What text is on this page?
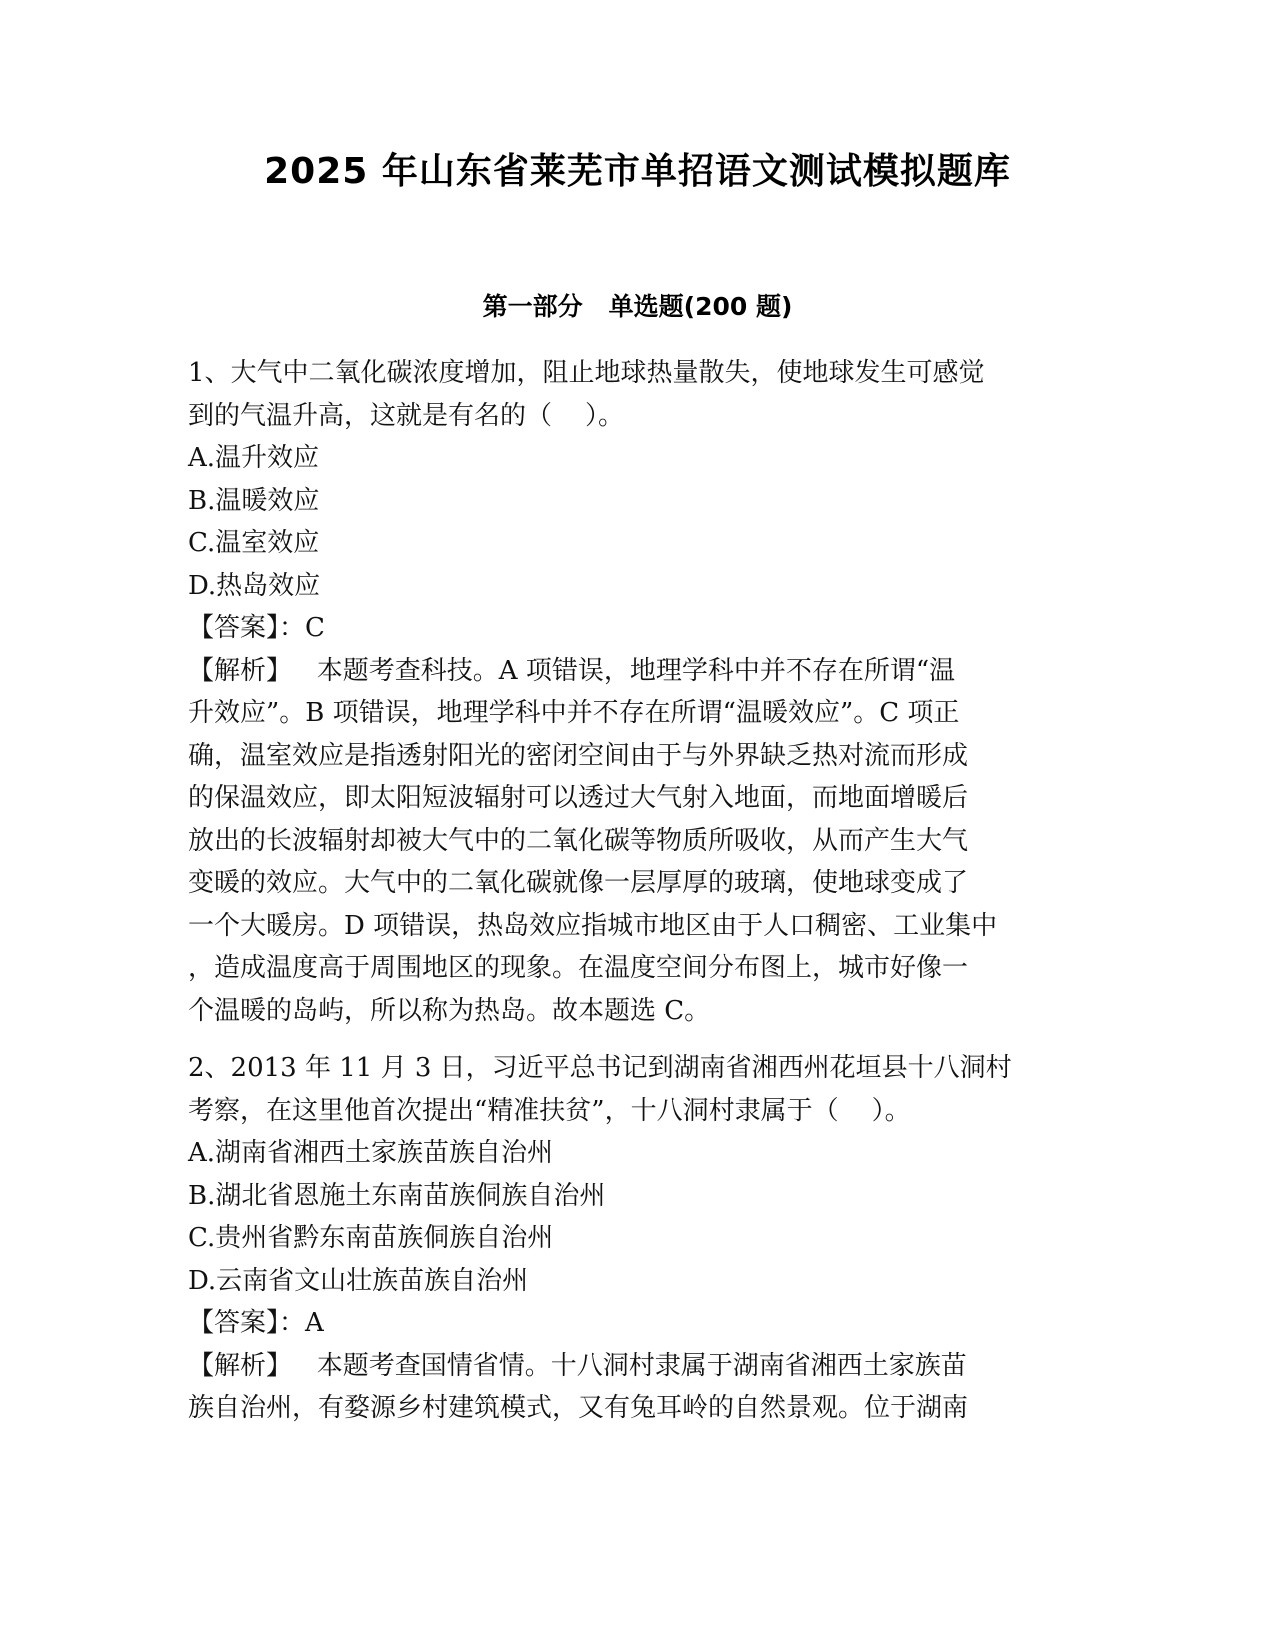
2025 年山东省莱芜市单招语文测试模拟题库
第一部分   单选题(200 题)
1、大气中二氧化碳浓度增加，阻止地球热量散失，使地球发生可感觉
到的气温升高，这就是有名的（    ）。
A.温升效应
B.温暖效应
C.温室效应
D.热岛效应
【答案】：C
【解析】   本题考查科技。A 项错误，地理学科中并不存在所谓“温
升效应”。B 项错误，地理学科中并不存在所谓“温暖效应”。C 项正
确，温室效应是指透射阳光的密闭空间由于与外界缺乏热对流而形成
的保温效应，即太阳短波辐射可以透过大气射入地面，而地面增暖后
放出的长波辐射却被大气中的二氧化碳等物质所吸收，从而产生大气
变暖的效应。大气中的二氧化碳就像一层厚厚的玻璃，使地球变成了
一个大暖房。D 项错误，热岛效应指城市地区由于人口稠密、工业集中
，造成温度高于周围地区的现象。在温度空间分布图上，城市好像一
个温暖的岛屿，所以称为热岛。故本题选 C。
2、2013 年 11 月 3 日，习近平总书记到湖南省湘西州花垣县十八洞村
考察，在这里他首次提出“精准扶贫”，十八洞村隶属于（    ）。
A.湖南省湘西土家族苗族自治州
B.湖北省恩施土东南苗族侗族自治州
C.贵州省黔东南苗族侗族自治州
D.云南省文山壮族苗族自治州
【答案】：A
【解析】   本题考查国情省情。十八洞村隶属于湖南省湘西土家族苗
族自治州，有婺源乡村建筑模式，又有兔耳岭的自然景观。位于湖南
